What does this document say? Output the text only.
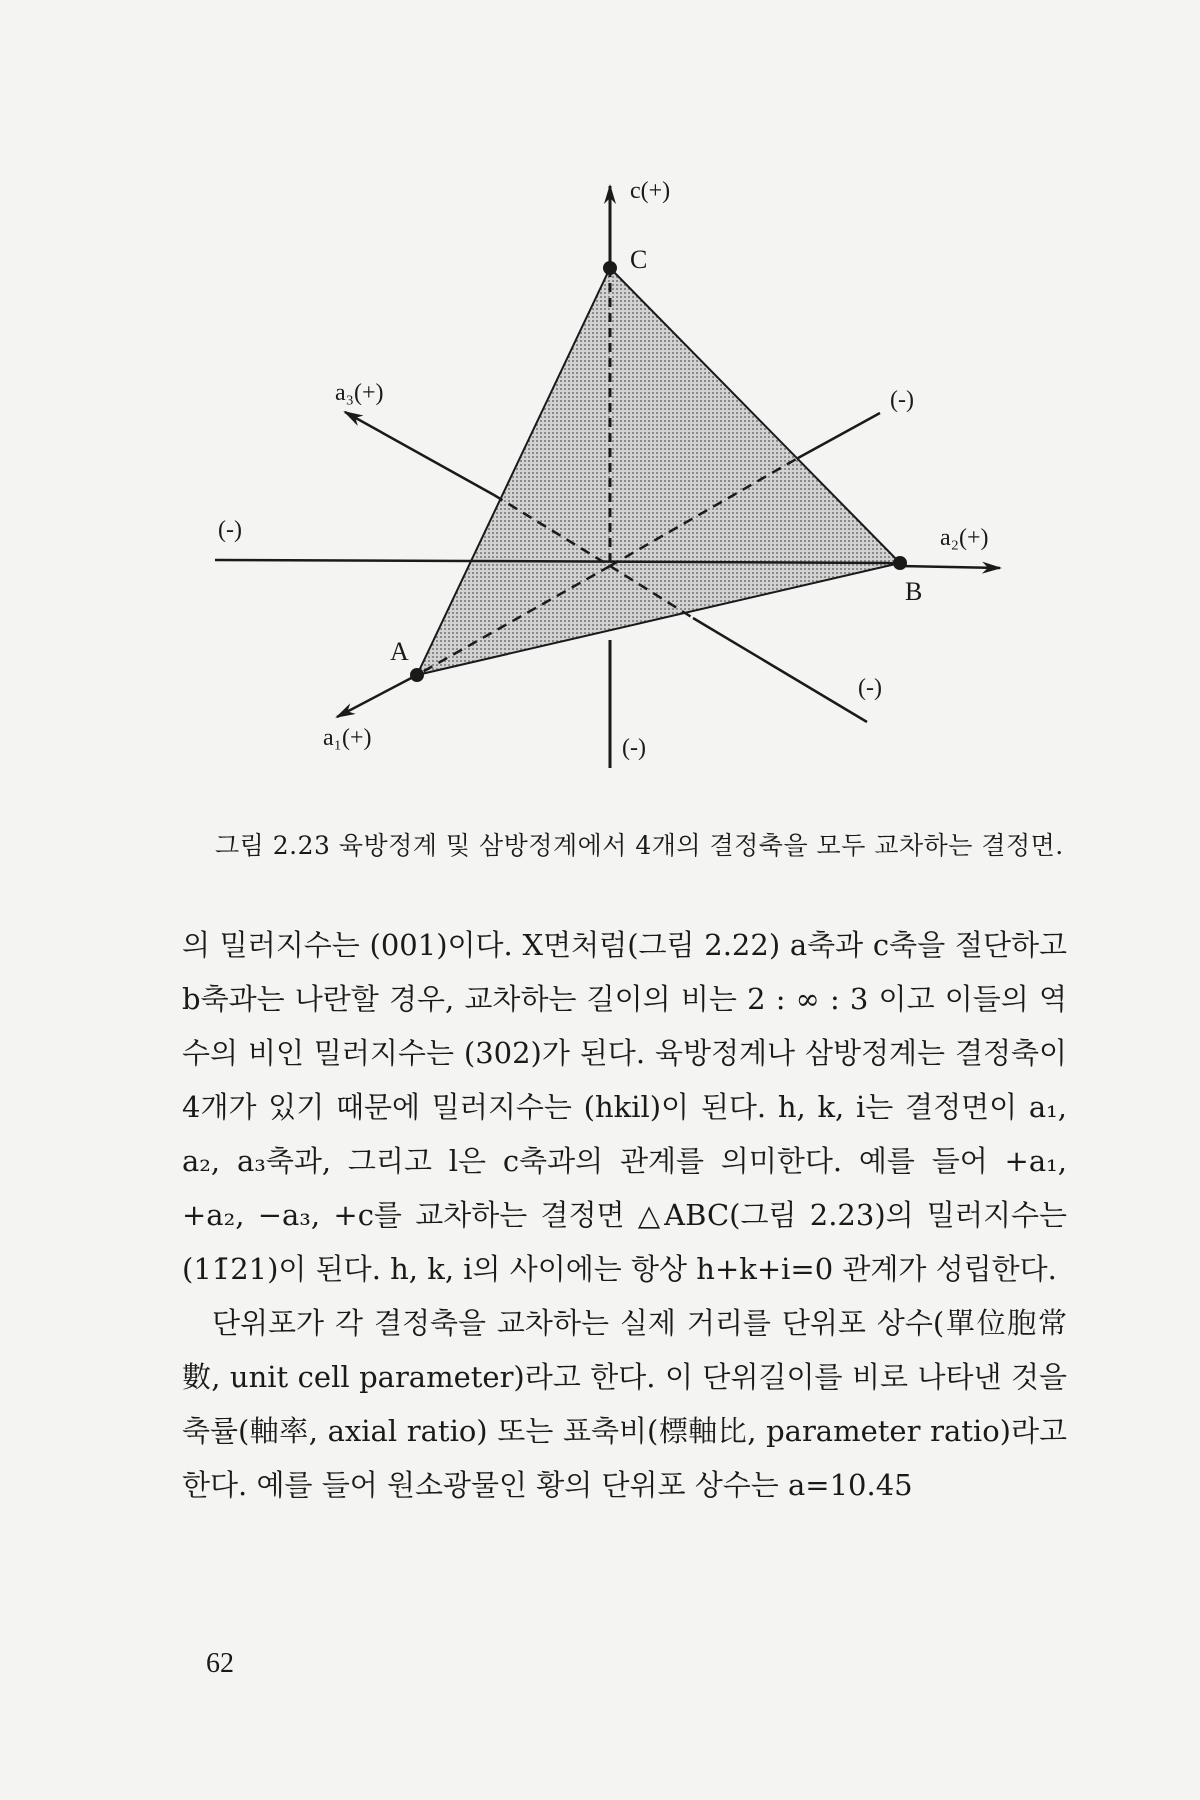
c(+)
C
a₃(+)	(-)
(-)	a₂(+)
B
A
(-)
a₁(+)	(-)
그림 2.23 육방정계 및 삼방정계에서 4개의 결정축을 모두 교차하는 결정면.

의 밀러지수는 (001)이다. X면처럼(그림 2.22) a축과 c축을 절단하고 b축과는 나란할 경우, 교차하는 길이의 비는 2 : ∞ : 3 이고 이들의 역수의 비인 밀러지수는 (302)가 된다. 육방정계나 삼방정계는 결정축이 4개가 있기 때문에 밀러지수는 (hkil)이 된다. h, k, i는 결정면이 a₁, a₂, a₃축과, 그리고 l은 c축과의 관계를 의미한다. 예를 들어 +a₁, +a₂, −a₃, +c를 교차하는 결정면 △ABC(그림 2.23)의 밀러지수는 (11̄21)이 된다. h, k, i의 사이에는 항상 h+k+i=0 관계가 성립한다.

단위포가 각 결정축을 교차하는 실제 거리를 단위포 상수(單位胞常數, unit cell parameter)라고 한다. 이 단위길이를 비로 나타낸 것을 축률(軸率, axial ratio) 또는 표축비(標軸比, parameter ratio)라고 한다. 예를 들어 원소광물인 황의 단위포 상수는 a=10.45

62
